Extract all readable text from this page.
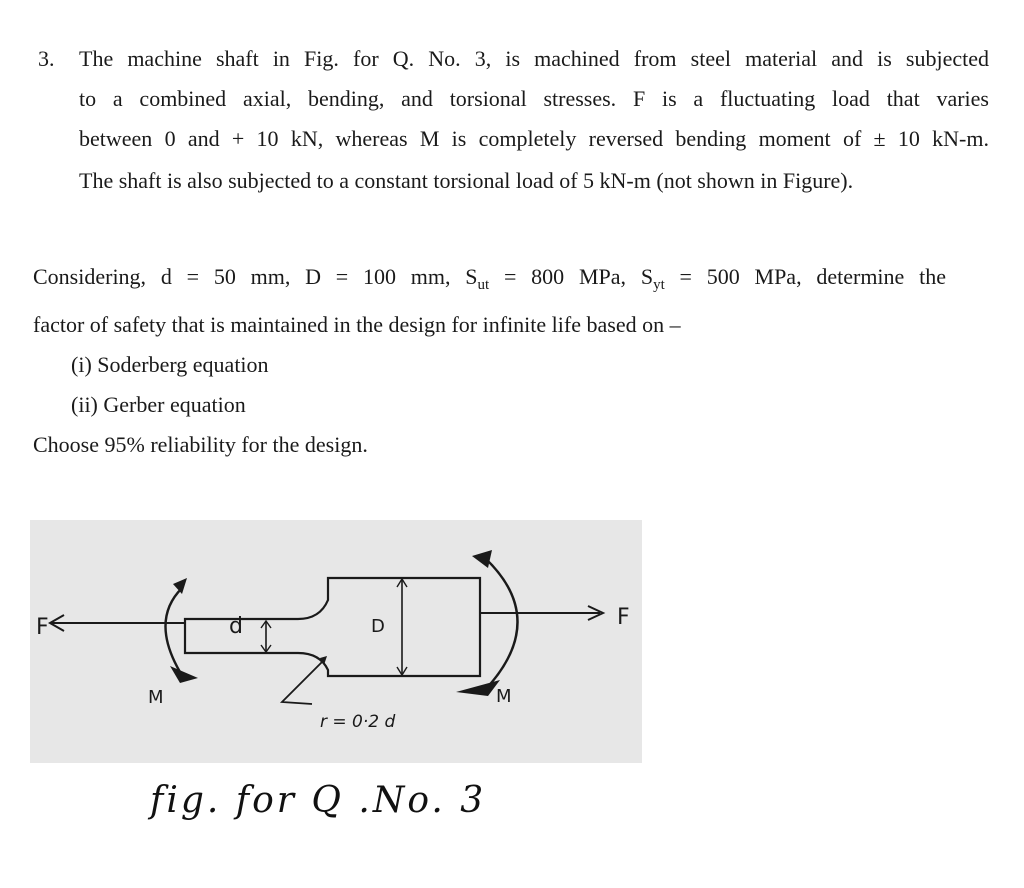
3. The machine shaft in Fig. for Q. No. 3, is machined from steel material and is subjected
to a combined axial, bending, and torsional stresses. F is a fluctuating load that varies
between 0 and + 10 kN, whereas M is completely reversed bending moment of ± 10 kN-m.
The shaft is also subjected to a constant torsional load of 5 kN-m (not shown in Figure).
Considering, d = 50 mm, D = 100 mm, $S_{ut} = 800$ MPa, $S_{yt} = 500$ MPa, determine the
factor of safety that is maintained in the design for infinite life based on –
(i) Soderberg equation
(ii) Gerber equation
Choose 95% reliability for the design.
F	F
d	D
M	M
r = 0·2 d
fig. for Q .No. 3
